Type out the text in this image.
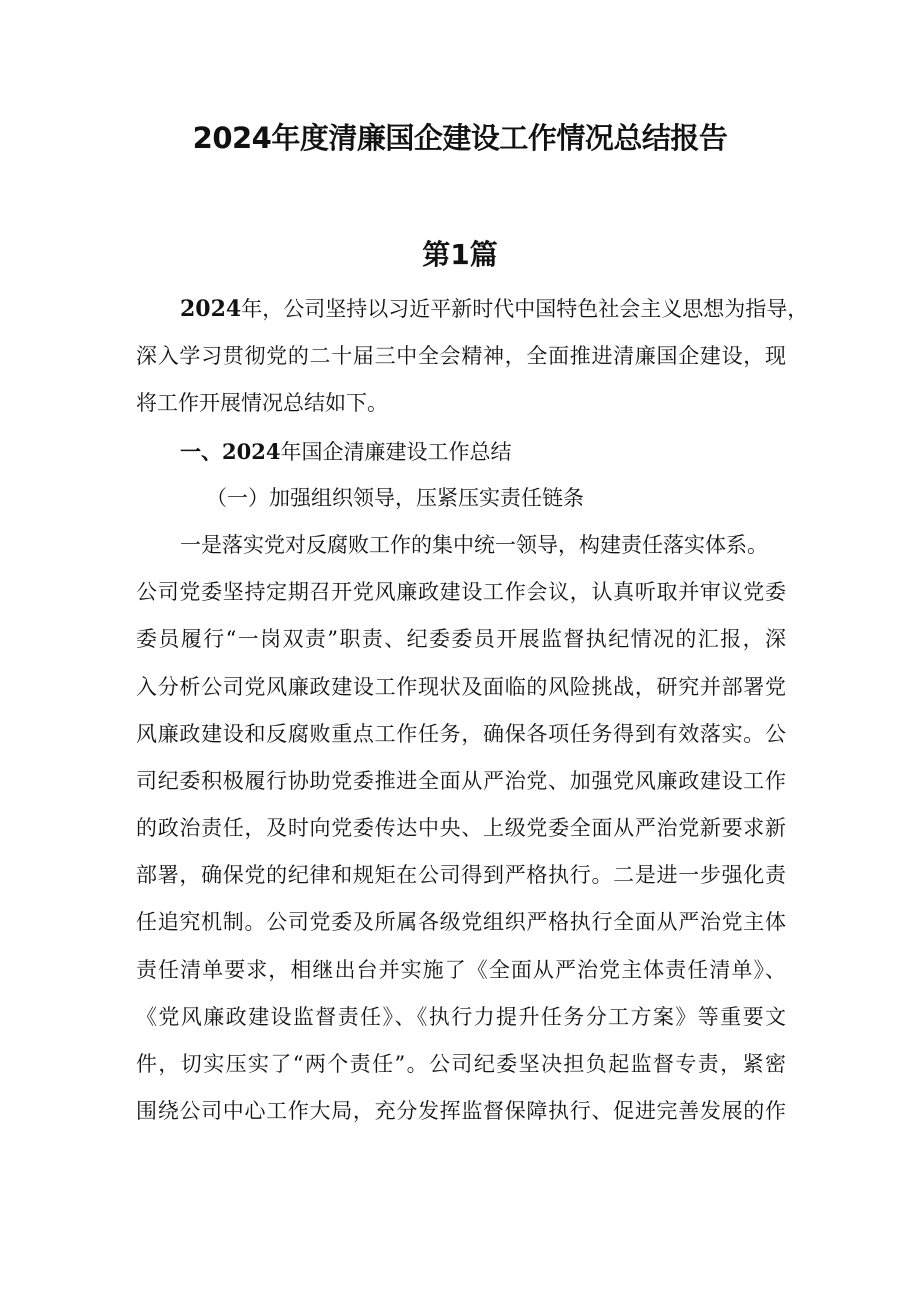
2024年度清廉国企建设工作情况总结报告
第1篇
2024年，公司坚持以习近平新时代中国特色社会主义思想为指导，
深入学习贯彻党的二十届三中全会精神，全面推进清廉国企建设，现
将工作开展情况总结如下。
一、2024年国企清廉建设工作总结
（一）加强组织领导，压紧压实责任链条
一是落实党对反腐败工作的集中统一领导，构建责任落实体系。
公司党委坚持定期召开党风廉政建设工作会议，认真听取并审议党委
委员履行“一岗双责”职责、纪委委员开展监督执纪情况的汇报，深
入分析公司党风廉政建设工作现状及面临的风险挑战，研究并部署党
风廉政建设和反腐败重点工作任务，确保各项任务得到有效落实。公
司纪委积极履行协助党委推进全面从严治党、加强党风廉政建设工作
的政治责任，及时向党委传达中央、上级党委全面从严治党新要求新
部署，确保党的纪律和规矩在公司得到严格执行。二是进一步强化责
任追究机制。公司党委及所属各级党组织严格执行全面从严治党主体
责任清单要求，相继出台并实施了《全面从严治党主体责任清单》、
《党风廉政建设监督责任》、《执行力提升任务分工方案》等重要文
件，切实压实了“两个责任”。公司纪委坚决担负起监督专责，紧密
围绕公司中心工作大局，充分发挥监督保障执行、促进完善发展的作
